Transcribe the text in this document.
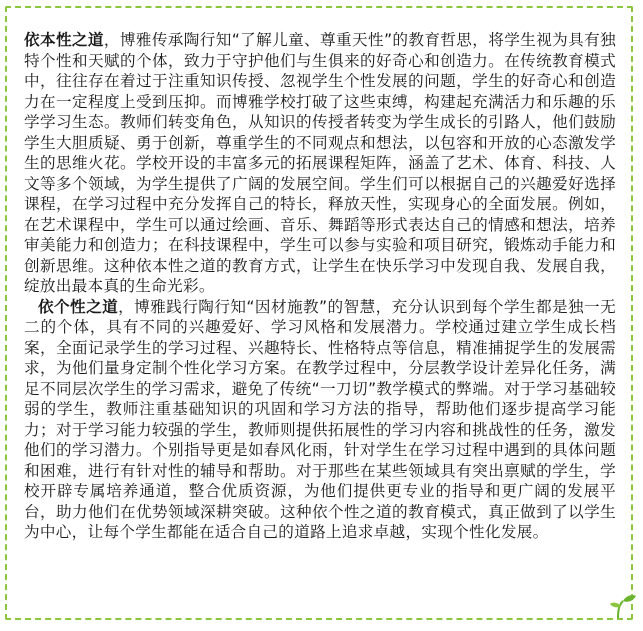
依本性之道，博雅传承陶行知“了解儿童、尊重天性”的教育哲思，将学生视为具有独特个性和天赋的个体，致力于守护他们与生俱来的好奇心和创造力。在传统教育模式中，往往存在着过于注重知识传授、忽视学生个性发展的问题，学生的好奇心和创造力在一定程度上受到压抑。而博雅学校打破了这些束缚，构建起充满活力和乐趣的乐学学习生态。教师们转变角色，从知识的传授者转变为学生成长的引路人，他们鼓励学生大胆质疑、勇于创新，尊重学生的不同观点和想法，以包容和开放的心态激发学生的思维火花。学校开设的丰富多元的拓展课程矩阵，涵盖了艺术、体育、科技、人文等多个领域，为学生提供了广阔的发展空间。学生们可以根据自己的兴趣爱好选择课程，在学习过程中充分发挥自己的特长，释放天性，实现身心的全面发展。例如，在艺术课程中，学生可以通过绘画、音乐、舞蹈等形式表达自己的情感和想法，培养审美能力和创造力；在科技课程中，学生可以参与实验和项目研究，锻炼动手能力和创新思维。这种依本性之道的教育方式，让学生在快乐学习中发现自我、发展自我，绽放出最本真的生命光彩。

依个性之道，博雅践行陶行知“因材施教”的智慧，充分认识到每个学生都是独一无二的个体，具有不同的兴趣爱好、学习风格和发展潜力。学校通过建立学生成长档案，全面记录学生的学习过程、兴趣特长、性格特点等信息，精准捕捉学生的发展需求，为他们量身定制个性化学习方案。在教学过程中，分层教学设计差异化任务，满足不同层次学生的学习需求，避免了传统“一刀切”教学模式的弊端。对于学习基础较弱的学生，教师注重基础知识的巩固和学习方法的指导，帮助他们逐步提高学习能力；对于学习能力较强的学生，教师则提供拓展性的学习内容和挑战性的任务，激发他们的学习潜力。个别指导更是如春风化雨，针对学生在学习过程中遇到的具体问题和困难，进行有针对性的辅导和帮助。对于那些在某些领域具有突出禀赋的学生，学校开辟专属培养通道，整合优质资源，为他们提供更专业的指导和更广阔的发展平台，助力他们在优势领域深耕突破。这种依个性之道的教育模式，真正做到了以学生为中心，让每个学生都能在适合自己的道路上追求卓越，实现个性化发展。
